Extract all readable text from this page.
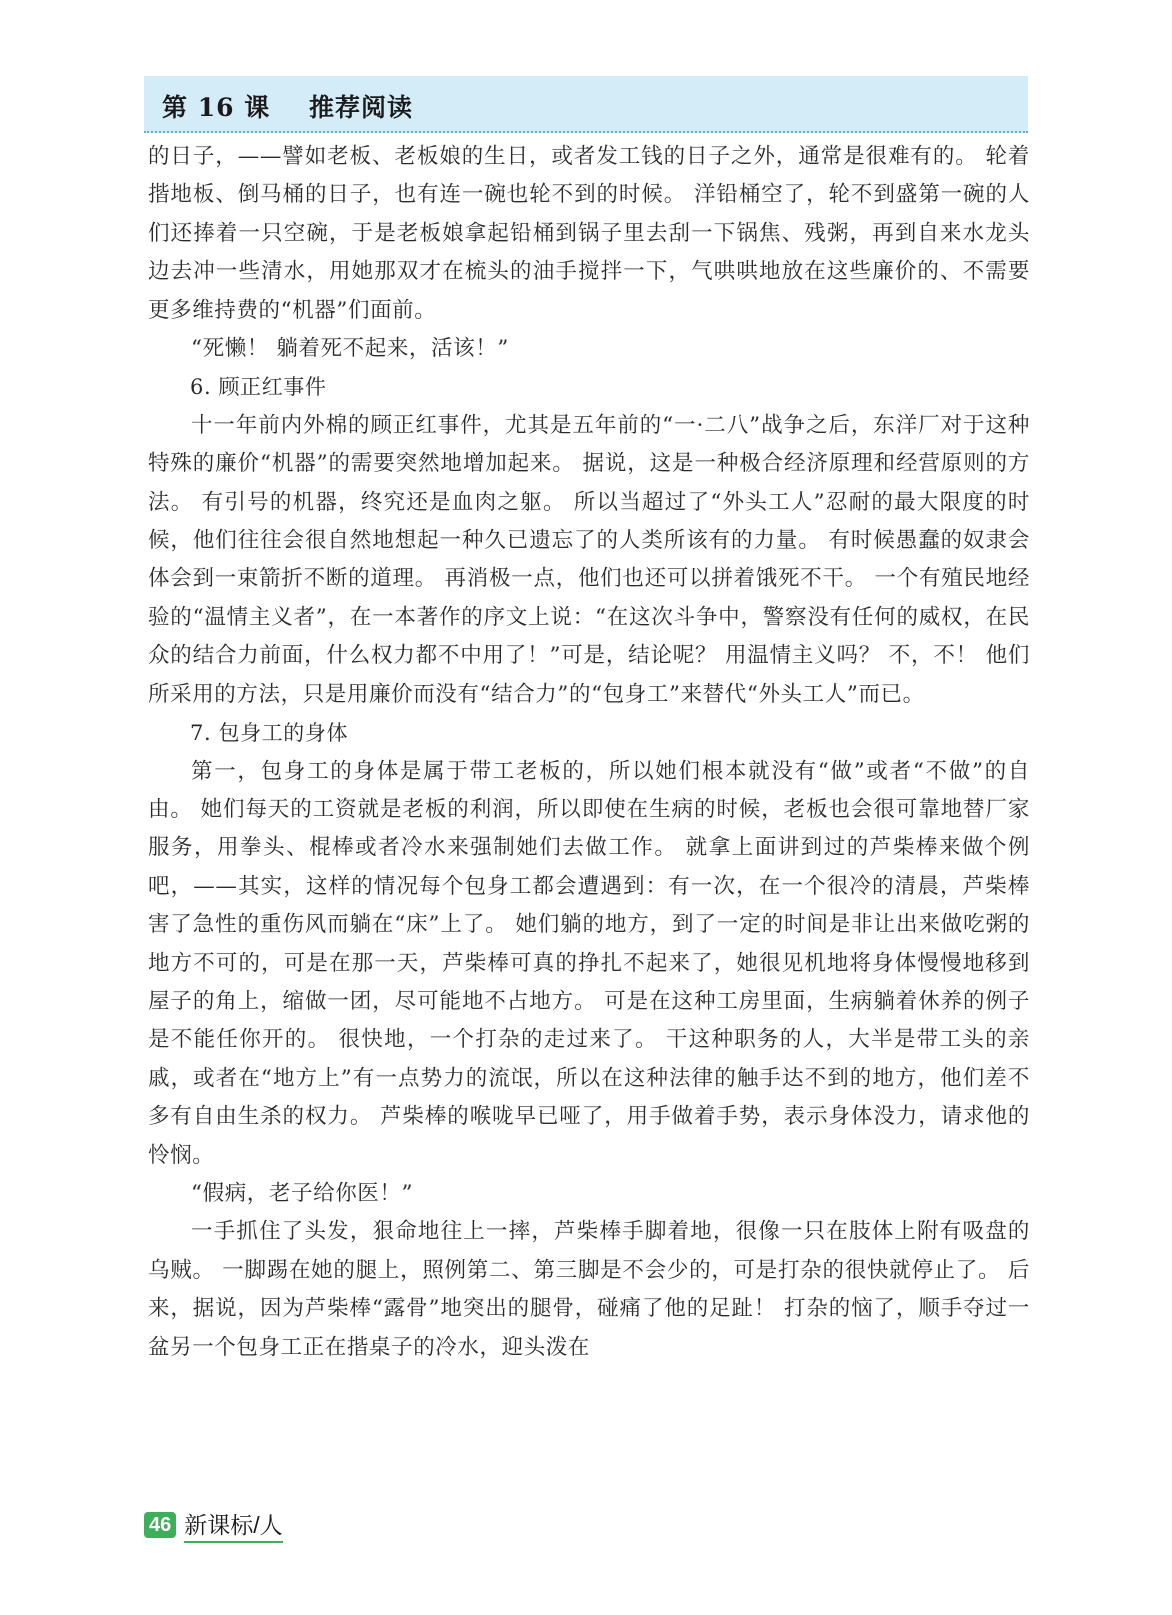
第 16 课    推荐阅读

的日子，——譬如老板、老板娘的生日，或者发工钱的日子之外，通常是很难有的。 轮着揩地板、倒马桶的日子，也有连一碗也轮不到的时候。 洋铅桶空了，轮不到盛第一碗的人们还捧着一只空碗，于是老板娘拿起铅桶到锅子里去刮一下锅焦、残粥，再到自来水龙头边去冲一些清水，用她那双才在梳头的油手搅拌一下，气哄哄地放在这些廉价的、不需要更多维持费的“机器”们面前。

“死懒！ 躺着死不起来，活该！”

6. 顾正红事件

十一年前内外棉的顾正红事件，尤其是五年前的“一·二八”战争之后，东洋厂对于这种特殊的廉价“机器”的需要突然地增加起来。 据说，这是一种极合经济原理和经营原则的方法。 有引号的机器，终究还是血肉之躯。 所以当超过了“外头工人”忍耐的最大限度的时候，他们往往会很自然地想起一种久已遗忘了的人类所该有的力量。 有时候愚蠢的奴隶会体会到一束箭折不断的道理。 再消极一点，他们也还可以拼着饿死不干。 一个有殖民地经验的“温情主义者”，在一本著作的序文上说：“在这次斗争中，警察没有任何的威权，在民众的结合力前面，什么权力都不中用了！”可是，结论呢？ 用温情主义吗？ 不，不！ 他们所采用的方法，只是用廉价而没有“结合力”的“包身工”来替代“外头工人”而已。

7. 包身工的身体

第一，包身工的身体是属于带工老板的，所以她们根本就没有“做”或者“不做”的自由。 她们每天的工资就是老板的利润，所以即使在生病的时候，老板也会很可靠地替厂家服务，用拳头、棍棒或者冷水来强制她们去做工作。 就拿上面讲到过的芦柴棒来做个例吧，——其实，这样的情况每个包身工都会遭遇到：有一次，在一个很冷的清晨，芦柴棒害了急性的重伤风而躺在“床”上了。 她们躺的地方，到了一定的时间是非让出来做吃粥的地方不可的，可是在那一天，芦柴棒可真的挣扎不起来了，她很见机地将身体慢慢地移到屋子的角上，缩做一团，尽可能地不占地方。 可是在这种工房里面，生病躺着休养的例子是不能任你开的。 很快地，一个打杂的走过来了。 干这种职务的人，大半是带工头的亲戚，或者在“地方上”有一点势力的流氓，所以在这种法律的触手达不到的地方，他们差不多有自由生杀的权力。 芦柴棒的喉咙早已哑了，用手做着手势，表示身体没力，请求他的怜悯。

“假病，老子给你医！”

一手抓住了头发，狠命地往上一摔，芦柴棒手脚着地，很像一只在肢体上附有吸盘的乌贼。 一脚踢在她的腿上，照例第二、第三脚是不会少的，可是打杂的很快就停止了。 后来，据说，因为芦柴棒“露骨”地突出的腿骨，碰痛了他的足趾！ 打杂的恼了，顺手夺过一盆另一个包身工正在揩桌子的冷水，迎头泼在

46 新课标/人
